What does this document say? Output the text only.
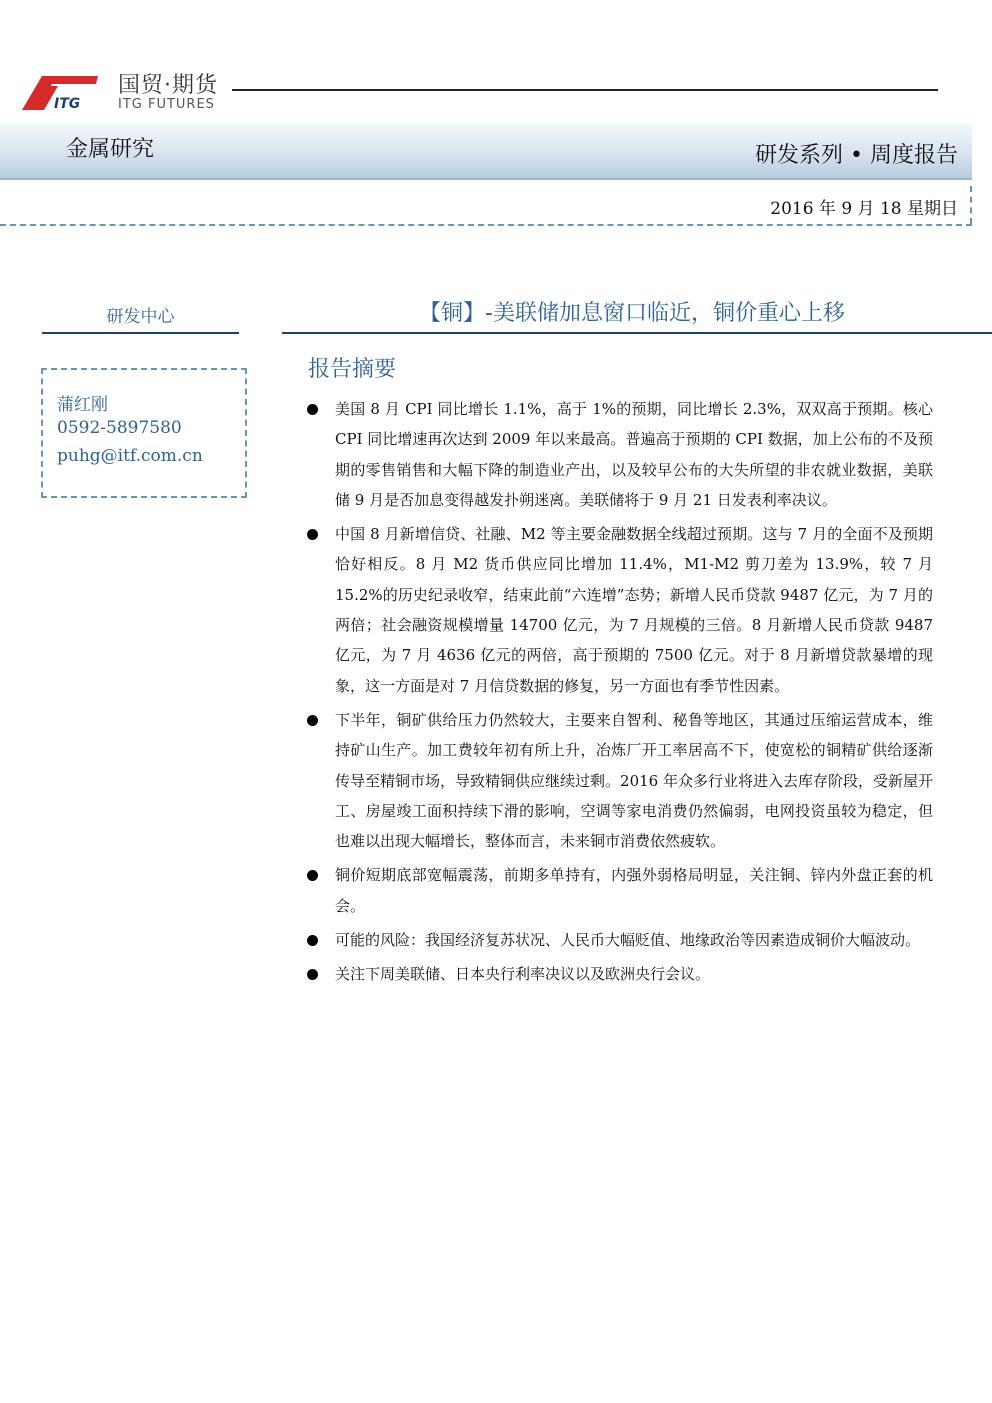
ITG
国贸·期货
ITG FUTURES
金属研究	研发系列 • 周度报告
2016 年 9 月 18 星期日
研发中心
蒲红刚
0592-5897580
puhg@itf.com.cn
【铜】-美联储加息窗口临近，铜价重心上移
报告摘要
美国 8 月 CPI 同比增长 1.1%，高于 1%的预期，同比增长 2.3%，双双高于预期。核心 CPI 同比增速再次达到 2009 年以来最高。普遍高于预期的 CPI 数据，加上公布的不及预期的零售销售和大幅下降的制造业产出，以及较早公布的大失所望的非农就业数据，美联储 9 月是否加息变得越发扑朔迷离。美联储将于 9 月 21 日发表利率决议。
中国 8 月新增信贷、社融、M2 等主要金融数据全线超过预期。这与 7 月的全面不及预期恰好相反。8 月 M2 货币供应同比增加 11.4%，M1-M2 剪刀差为 13.9%，较 7 月 15.2%的历史纪录收窄，结束此前“六连增”态势；新增人民币贷款 9487 亿元，为 7 月的两倍；社会融资规模增量 14700 亿元，为 7 月规模的三倍。8 月新增人民币贷款 9487 亿元，为 7 月 4636 亿元的两倍，高于预期的 7500 亿元。对于 8 月新增贷款暴增的现象，这一方面是对 7 月信贷数据的修复，另一方面也有季节性因素。
下半年，铜矿供给压力仍然较大，主要来自智利、秘鲁等地区，其通过压缩运营成本，维持矿山生产。加工费较年初有所上升，冶炼厂开工率居高不下，使宽松的铜精矿供给逐渐传导至精铜市场，导致精铜供应继续过剩。2016 年众多行业将进入去库存阶段，受新屋开工、房屋竣工面积持续下滑的影响，空调等家电消费仍然偏弱，电网投资虽较为稳定，但也难以出现大幅增长，整体而言，未来铜市消费依然疲软。
铜价短期底部宽幅震荡，前期多单持有，内强外弱格局明显，关注铜、锌内外盘正套的机会。
可能的风险：我国经济复苏状况、人民币大幅贬值、地缘政治等因素造成铜价大幅波动。
关注下周美联储、日本央行利率决议以及欧洲央行会议。
